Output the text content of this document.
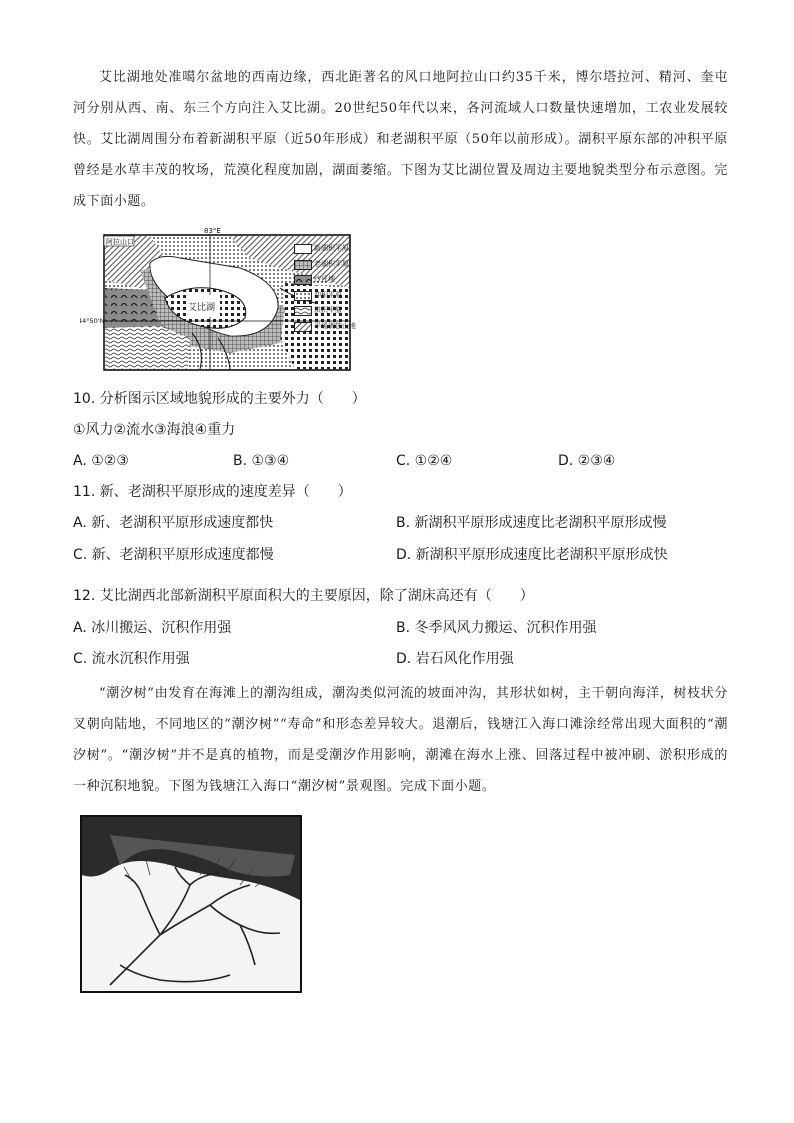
艾比湖地处准噶尔盆地的西南边缘，西北距著名的风口地阿拉山口约35千米，博尔塔拉河、精河、奎屯河分别从西、南、东三个方向注入艾比湖。20世纪50年代以来，各河流域人口数量快速增加，工农业发展较快。艾比湖周围分布着新湖积平原（近50年形成）和老湖积平原（50年以前形成）。湖积平原东部的冲积平原曾经是水草丰茂的牧场，荒漠化程度加剧，湖面萎缩。下图为艾比湖位置及周边主要地貌类型分布示意图。完成下面小题。

阿拉山口
83°E
44°50'N
艾比湖
新湖积平原
老湖积平原
沙丘地
冲积平原
洪积平原
平缓剥蚀山地
10. 分析图示区域地貌形成的主要外力（　　）
①风力②流水③海浪④重力
A. ①②③	B. ①③④	C. ①②④	D. ②③④
11. 新、老湖积平原形成的速度差异（　　）
A. 新、老湖积平原形成速度都快	B. 新湖积平原形成速度比老湖积平原形成慢
C. 新、老湖积平原形成速度都慢	D. 新湖积平原形成速度比老湖积平原形成快
12. 艾比湖西北部新湖积平原面积大的主要原因，除了湖床高还有（　　）
A. 冰川搬运、沉积作用强	B. 冬季风风力搬运、沉积作用强
C. 流水沉积作用强	D. 岩石风化作用强

“潮汐树”由发育在海滩上的潮沟组成，潮沟类似河流的坡面冲沟，其形状如树，主干朝向海洋，树枝状分叉朝向陆地，不同地区的“潮汐树”“寿命”和形态差异较大。退潮后，钱塘江入海口滩涂经常出现大面积的“潮汐树”。“潮汐树”并不是真的植物，而是受潮汐作用影响，潮滩在海水上涨、回落过程中被冲刷、淤积形成的一种沉积地貌。下图为钱塘江入海口“潮汐树”景观图。完成下面小题。
